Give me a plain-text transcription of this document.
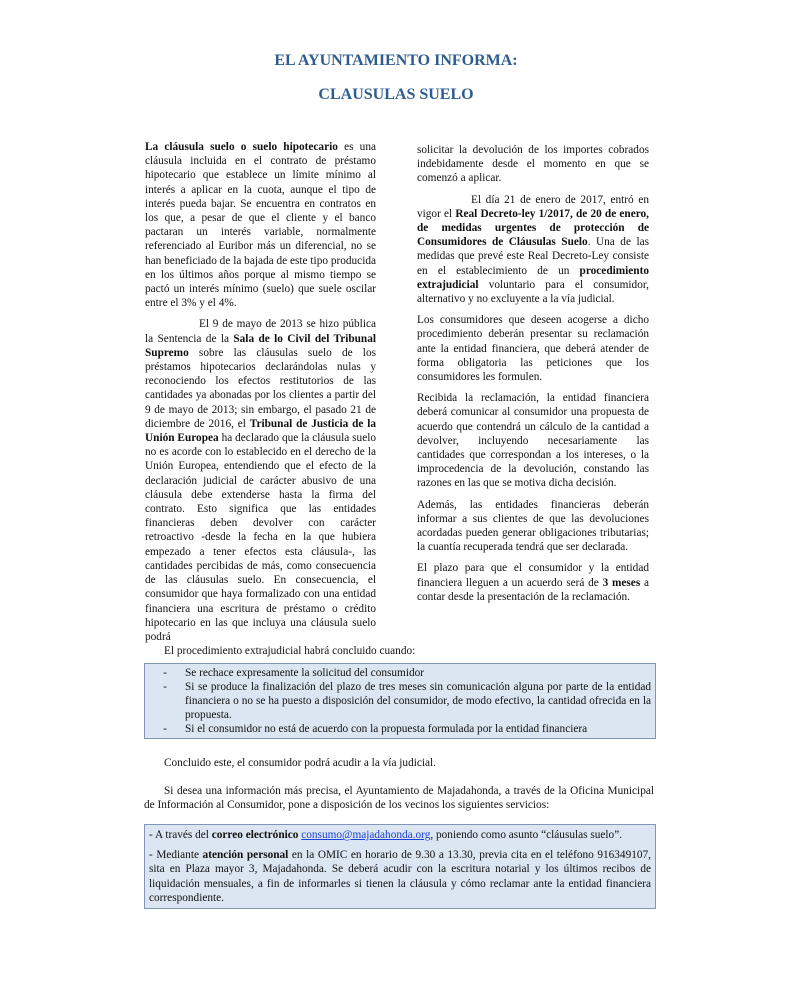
EL AYUNTAMIENTO INFORMA:
CLAUSULAS SUELO

La cláusula suelo o suelo hipotecario es una cláusula incluida en el contrato de préstamo hipotecario que establece un límite mínimo al interés a aplicar en la cuota, aunque el tipo de interés pueda bajar. Se encuentra en contratos en los que, a pesar de que el cliente y el banco pactaran un interés variable, normalmente referenciado al Euribor más un diferencial, no se han beneficiado de la bajada de este tipo producida en los últimos años porque al mismo tiempo se pactó un interés mínimo (suelo) que suele oscilar entre el 3% y el 4%.

El 9 de mayo de 2013 se hizo pública la Sentencia de la Sala de lo Civil del Tribunal Supremo sobre las cláusulas suelo de los préstamos hipotecarios declarándolas nulas y reconociendo los efectos restitutorios de las cantidades ya abonadas por los clientes a partir del 9 de mayo de 2013; sin embargo, el pasado 21 de diciembre de 2016, el Tribunal de Justicia de la Unión Europea ha declarado que la cláusula suelo no es acorde con lo establecido en el derecho de la Unión Europea, entendiendo que el efecto de la declaración judicial de carácter abusivo de una cláusula debe extenderse hasta la firma del contrato. Esto significa que las entidades financieras deben devolver con carácter retroactivo -desde la fecha en la que hubiera empezado a tener efectos esta cláusula-, las cantidades percibidas de más, como consecuencia de las cláusulas suelo. En consecuencia, el consumidor que haya formalizado con una entidad financiera una escritura de préstamo o crédito hipotecario en las que incluya una cláusula suelo podrá

solicitar la devolución de los importes cobrados indebidamente desde el momento en que se comenzó a aplicar.

El día 21 de enero de 2017, entró en vigor el Real Decreto-ley 1/2017, de 20 de enero, de medidas urgentes de protección de Consumidores de Cláusulas Suelo. Una de las medidas que prevé este Real Decreto-Ley consiste en el establecimiento de un procedimiento extrajudicial voluntario para el consumidor, alternativo y no excluyente a la vía judicial.

Los consumidores que deseen acogerse a dicho procedimiento deberán presentar su reclamación ante la entidad financiera, que deberá atender de forma obligatoria las peticiones que los consumidores les formulen.

Recibida la reclamación, la entidad financiera deberá comunicar al consumidor una propuesta de acuerdo que contendrá un cálculo de la cantidad a devolver, incluyendo necesariamente las cantidades que correspondan a los intereses, o la improcedencia de la devolución, constando las razones en las que se motiva dicha decisión.

Además, las entidades financieras deberán informar a sus clientes de que las devoluciones acordadas pueden generar obligaciones tributarias; la cuantía recuperada tendrá que ser declarada.

El plazo para que el consumidor y la entidad financiera lleguen a un acuerdo será de 3 meses a contar desde la presentación de la reclamación.

El procedimiento extrajudicial habrá concluido cuando:

-	Se rechace expresamente la solicitud del consumidor
-	Si se produce la finalización del plazo de tres meses sin comunicación alguna por parte de la entidad financiera o no se ha puesto a disposición del consumidor, de modo efectivo, la cantidad ofrecida en la propuesta.
-	Si el consumidor no está de acuerdo con la propuesta formulada por la entidad financiera

Concluido este, el consumidor podrá acudir a la vía judicial.

Si desea una información más precisa, el Ayuntamiento de Majadahonda, a través de la Oficina Municipal de Información al Consumidor, pone a disposición de los vecinos los siguientes servicios:

- A través del correo electrónico consumo@majadahonda.org, poniendo como asunto “cláusulas suelo”.

- Mediante atención personal en la OMIC en horario de 9.30 a 13.30, previa cita en el teléfono 916349107, sita en Plaza mayor 3, Majadahonda. Se deberá acudir con la escritura notarial y los últimos recibos de liquidación mensuales, a fin de informarles si tienen la cláusula y cómo reclamar ante la entidad financiera correspondiente.
